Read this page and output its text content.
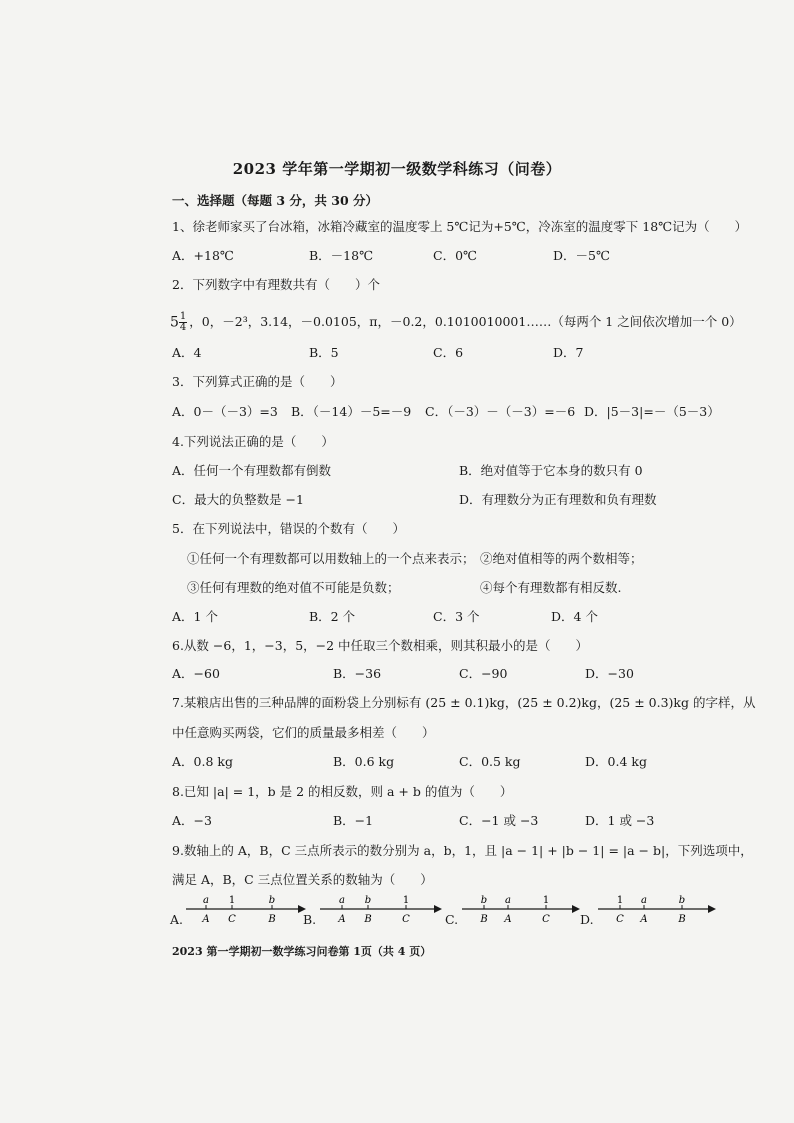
2023 学年第一学期初一级数学科练习（问卷）
一、选择题（每题 3 分，共 30 分）
1、徐老师家买了台冰箱，冰箱冷藏室的温度零上 5℃记为+5℃，冷冻室的温度零下 18℃记为（　　）
A．+18℃	B．－18℃	C．0℃	D．－5℃
2．下列数字中有理数共有（　　）个
$5 \frac{1}{4}$ ，0，－2³，3.14，－0.0105，π，－0.2，0.1010010001……（每两个 1 之间依次增加一个 0）
A．4	B．5	C．6	D．7
3．下列算式正确的是（　　）
A．0－（－3）=3 B．（－14）－5=－9 C．（－3）－（－3）=－6 D．|5－3|=－（5－3）
4.下列说法正确的是（　　）
A．任何一个有理数都有倒数	B．绝对值等于它本身的数只有 0
C．最大的负整数是 −1	D．有理数分为正有理数和负有理数
5．在下列说法中，错误的个数有（　　）
①任何一个有理数都可以用数轴上的一个点来表示； ②绝对值相等的两个数相等；
③任何有理数的绝对值不可能是负数；	④每个有理数都有相反数.
A．1 个	B．2 个	C．3 个	D．4 个
6.从数 −6，1，−3，5，−2 中任取三个数相乘，则其积最小的是（　　）
A．−60	B．−36	C．−90	D．−30
7.某粮店出售的三种品牌的面粉袋上分别标有 (25 ± 0.1)kg，(25 ± 0.2)kg，(25 ± 0.3)kg 的字样，从
中任意购买两袋，它们的质量最多相差（　　）
A．0.8 kg	B．0.6 kg	C．0.5 kg	D．0.4 kg
8.已知 |a| = 1，b 是 2 的相反数，则 a + b 的值为（　　）
A．−3	B．−1	C．−1 或 −3	D．1 或 −3
9.数轴上的 A，B，C 三点所表示的数分别为 a，b，1，且 |a − 1| + |b − 1| = |a − b|，下列选项中，
满足 A，B，C 三点位置关系的数轴为（　　）
A.
a 1	b
A C	B B.
a b	1
A B	C	C.
b a	1
B A	C D.
1 a	b
C A	B
2023 第一学期初一数学练习问卷第 1页（共 4 页）
